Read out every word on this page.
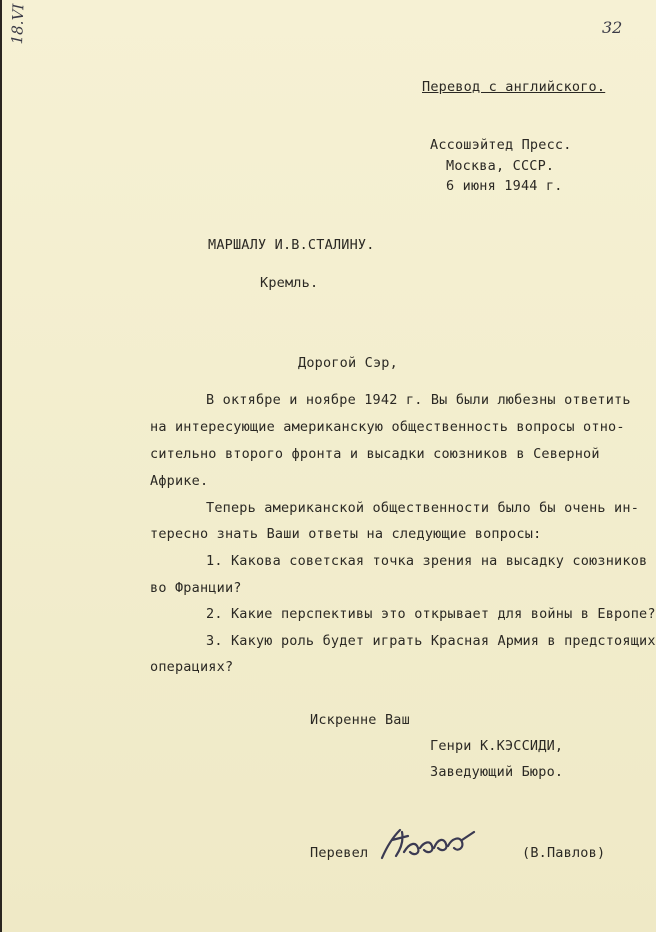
18.VI	32
Перевод с английского.
Ассошэйтед Пресс.
Москва, СССР.
6 июня 1944 г.
МАРШАЛУ И.В.СТАЛИНУ.
Кремль.
Дорогой Сэр,
В октябре и ноябре 1942 г. Вы были любезны ответить
на интересующие американскую общественность вопросы отно-
сительно второго фронта и высадки союзников в Северной
Африке.
Теперь американской общественности было бы очень ин-
тересно знать Ваши ответы на следующие вопросы:
1. Какова советская точка зрения на высадку союзников
во Франции?
2. Какие перспективы это открывает для войны в Европе?
3. Какую роль будет играть Красная Армия в предстоящих
операциях?
Искренне Ваш
Генри К.КЭССИДИ,
Заведующий Бюро.
Перевел	(В.Павлов)
